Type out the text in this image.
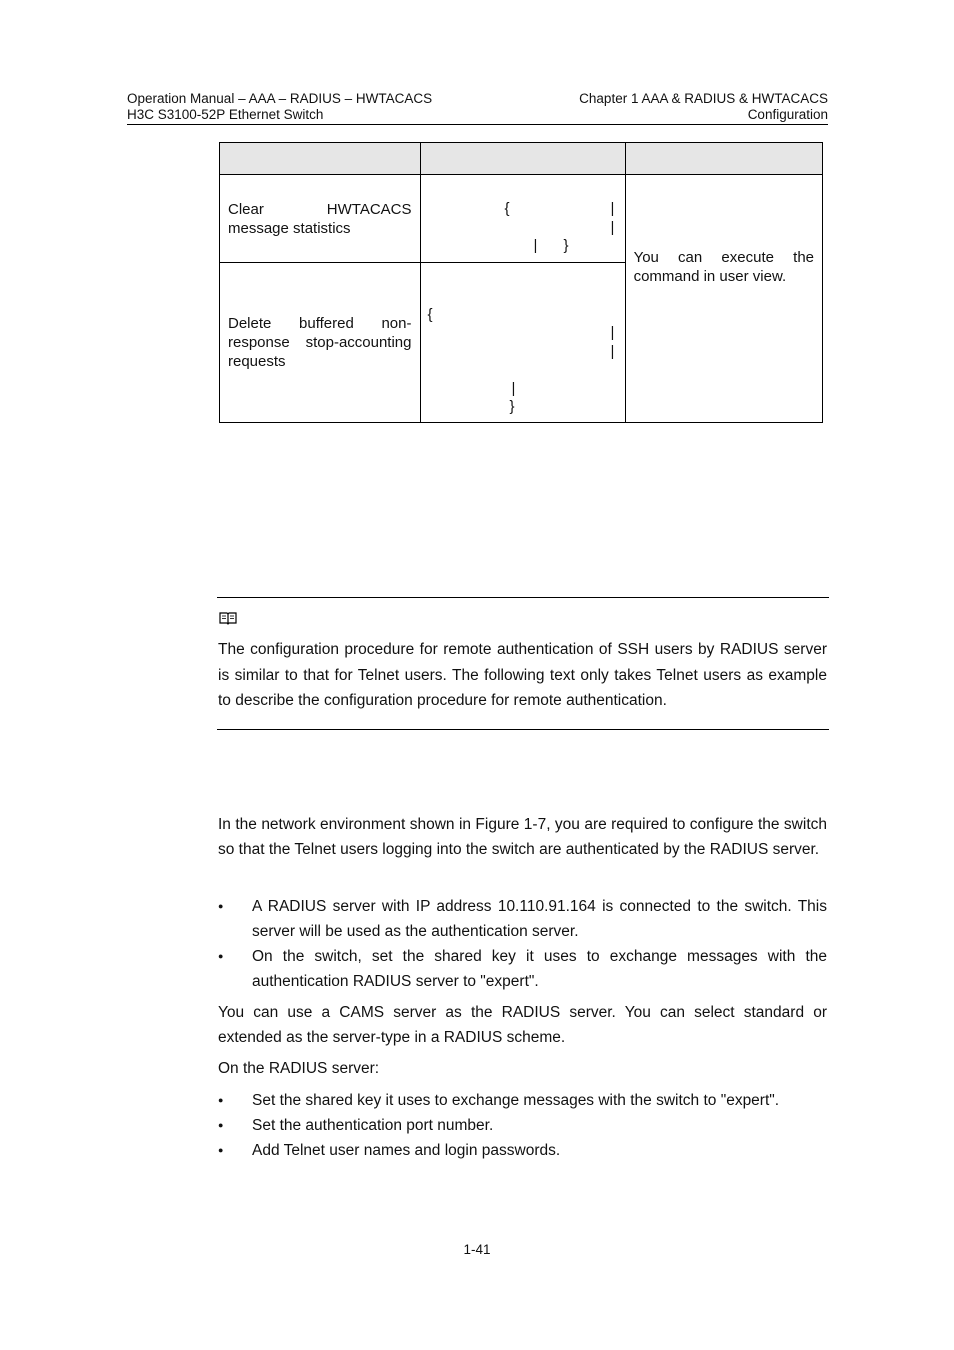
Operation Manual – AAA – RADIUS – HWTACACS
H3C S3100-52P Ethernet Switch
Chapter 1 AAA & RADIUS & HWTACACS
Configuration

Clear HWTACACS message statistics	{ |
|
| }	You can execute the command in user view.
Delete buffered non-response stop-accounting requests	{
|
|
|
}	
The configuration procedure for remote authentication of SSH users by RADIUS server is similar to that for Telnet users. The following text only takes Telnet users as example to describe the configuration procedure for remote authentication.
In the network environment shown in Figure 1-7, you are required to configure the switch so that the Telnet users logging into the switch are authenticated by the RADIUS server.
●	A RADIUS server with IP address 10.110.91.164 is connected to the switch. This server will be used as the authentication server.
●	On the switch, set the shared key it uses to exchange messages with the authentication RADIUS server to "expert".
You can use a CAMS server as the RADIUS server. You can select standard or extended as the server-type in a RADIUS scheme.
On the RADIUS server:
●	Set the shared key it uses to exchange messages with the switch to "expert".
●	Set the authentication port number.
●	Add Telnet user names and login passwords.
1-41
